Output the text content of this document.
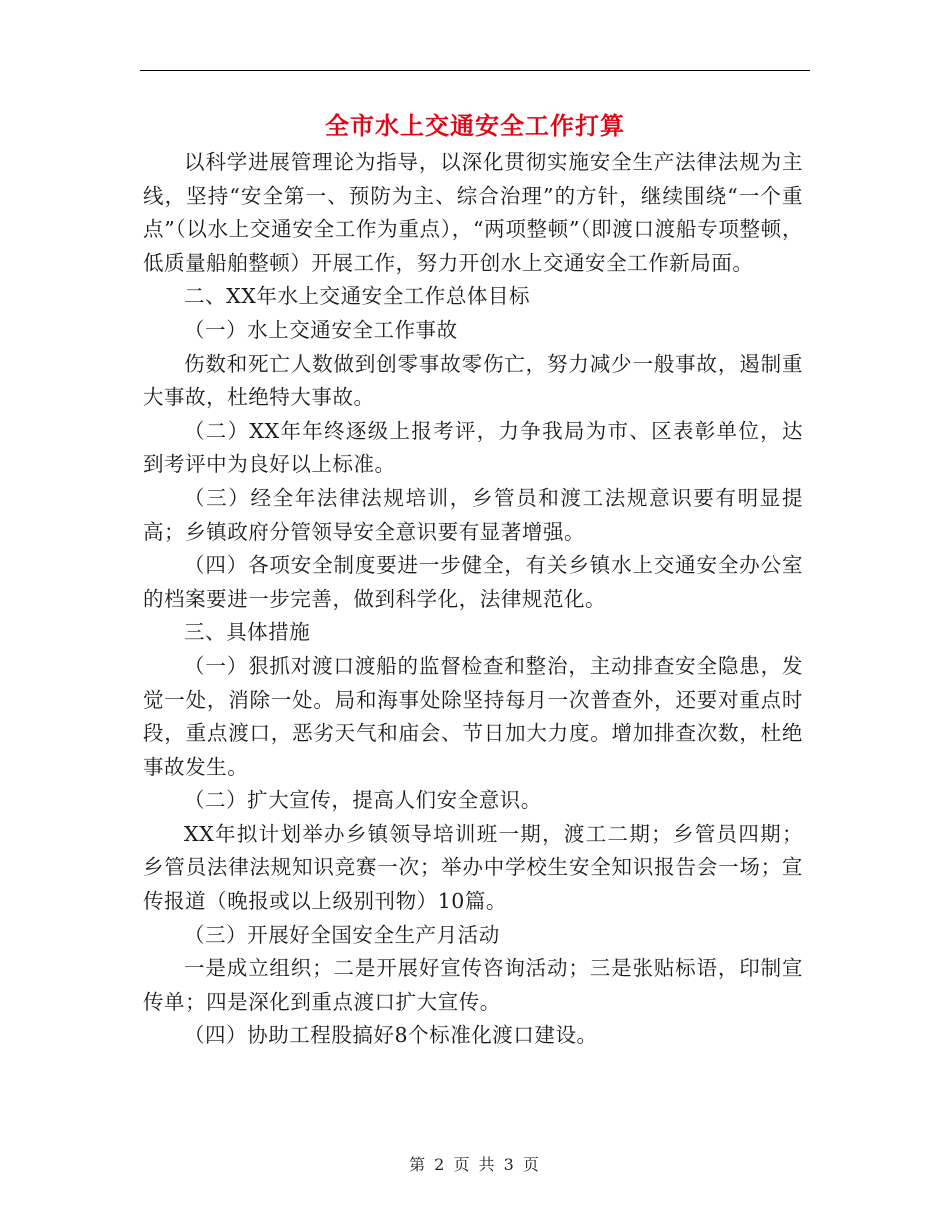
全市水上交通安全工作打算

以科学进展管理论为指导，以深化贯彻实施安全生产法律法规为主线，坚持“安全第一、预防为主、综合治理”的方针，继续围绕“一个重点”（以水上交通安全工作为重点），“两项整顿”（即渡口渡船专项整顿，低质量船舶整顿）开展工作，努力开创水上交通安全工作新局面。

二、XX年水上交通安全工作总体目标

（一）水上交通安全工作事故

伤数和死亡人数做到创零事故零伤亡，努力减少一般事故，遏制重大事故，杜绝特大事故。

（二）XX年年终逐级上报考评，力争我局为市、区表彰单位，达到考评中为良好以上标准。

（三）经全年法律法规培训，乡管员和渡工法规意识要有明显提高；乡镇政府分管领导安全意识要有显著增强。

（四）各项安全制度要进一步健全，有关乡镇水上交通安全办公室的档案要进一步完善，做到科学化，法律规范化。

三、具体措施

（一）狠抓对渡口渡船的监督检查和整治，主动排查安全隐患，发觉一处，消除一处。局和海事处除坚持每月一次普查外，还要对重点时段，重点渡口，恶劣天气和庙会、节日加大力度。增加排查次数，杜绝事故发生。

（二）扩大宣传，提高人们安全意识。

XX年拟计划举办乡镇领导培训班一期，渡工二期；乡管员四期；乡管员法律法规知识竞赛一次；举办中学校生安全知识报告会一场；宣传报道（晚报或以上级别刊物）10篇。

（三）开展好全国安全生产月活动

一是成立组织；二是开展好宣传咨询活动；三是张贴标语，印制宣传单；四是深化到重点渡口扩大宣传。

（四）协助工程股搞好8个标准化渡口建设。

第 2 页 共 3 页
